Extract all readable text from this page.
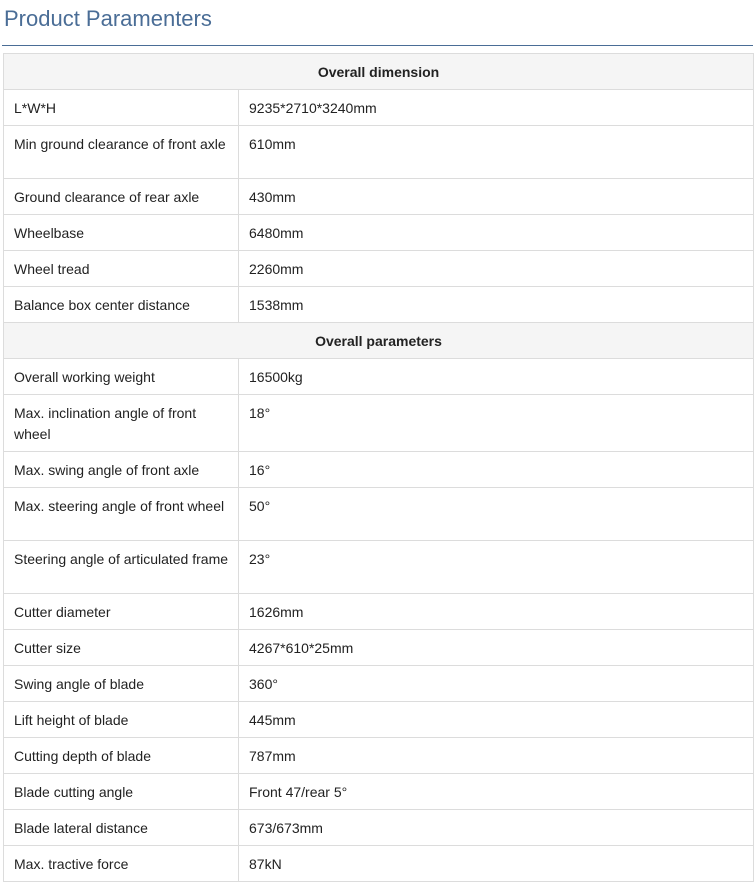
Product Paramenters
Overall dimension	
L*W*H	9235*2710*3240mm
Min ground clearance of front axle	610mm
Ground clearance of rear axle	430mm
Wheelbase	6480mm
Wheel tread	2260mm
Balance box center distance	1538mm
Overall parameters	
Overall working weight	16500kg
Max. inclination angle of front wheel	18°
Max. swing angle of front axle	16°
Max. steering angle of front wheel	50°
Steering angle of articulated frame	23°
Cutter diameter	1626mm
Cutter size	4267*610*25mm
Swing angle of blade	360°
Lift height of blade	445mm
Cutting depth of blade	787mm
Blade cutting angle	Front 47/rear 5°
Blade lateral distance	673/673mm
Max. tractive force	87kN
